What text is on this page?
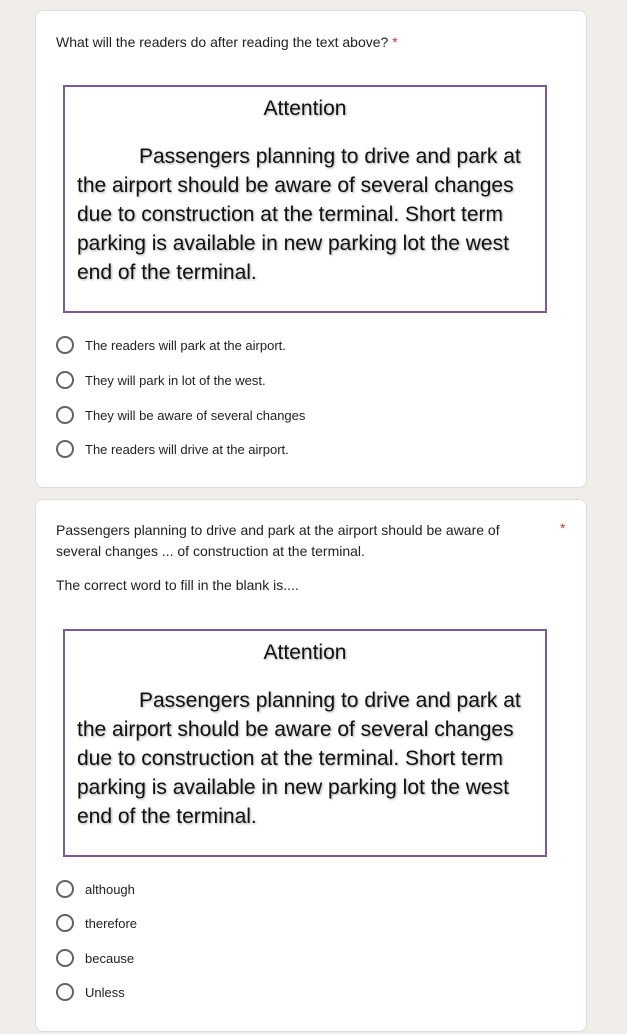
What will the readers do after reading the text above? *
Attention
Passengers planning to drive and park at the airport should be aware of several changes due to construction at the terminal. Short term parking is available in new parking lot the west end of the terminal.
The readers will park at the airport.
They will park in lot of the west.
They will be aware of several changes
The readers will drive at the airport.
Passengers planning to drive and park at the airport should be aware of several changes ... of construction at the terminal.
*
The correct word to fill in the blank is....
Attention
Passengers planning to drive and park at the airport should be aware of several changes due to construction at the terminal. Short term parking is available in new parking lot the west end of the terminal.
although
therefore
because
Unless
